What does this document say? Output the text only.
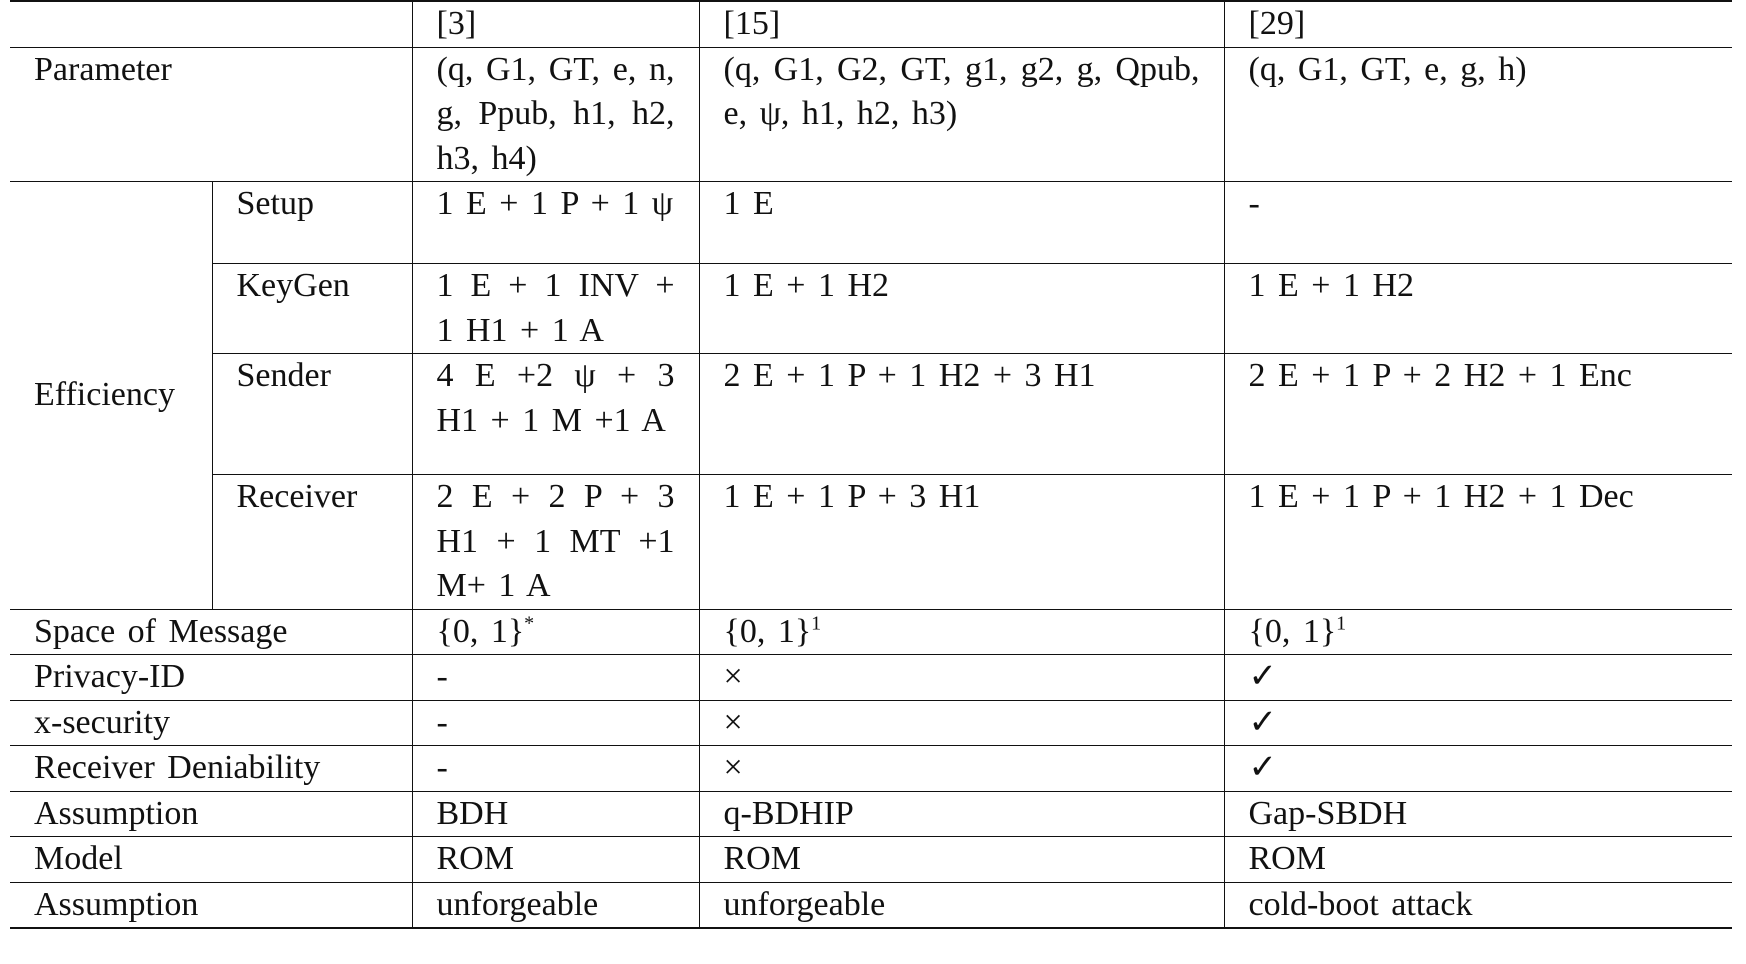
		[3]	[15]	[29]
Parameter		(q, G1, GT, e, n, g, Ppub, h1, h2, h3, h4)	(q, G1, G2, GT, g1, g2, g, Qpub, e, ψ, h1, h2, h3)	(q, G1, GT, e, g, h)
Efficiency	Setup	1 E + 1 P + 1 ψ	1 E	-
	KeyGen	1 E + 1 INV + 1 H1 + 1 A	1 E + 1 H2	1 E + 1 H2
	Sender	4 E +2 ψ + 3 H1 + 1 M +1 A	2 E + 1 P + 1 H2 + 3 H1	2 E + 1 P + 2 H2 + 1 Enc
	Receiver	2 E + 2 P + 3 H1 + 1 MT +1 M+ 1 A	1 E + 1 P + 3 H1	1 E + 1 P + 1 H2 + 1 Dec
Space of Message		{0, 1}*	{0, 1}$^1$	{0, 1}$^1$
Privacy-ID		-	×	✓
x-security		-	×	✓
Receiver Deniability		-	×	✓
Assumption		BDH	q-BDHIP	Gap-SBDH
Model		ROM	ROM	ROM
Assumption		unforgeable	unforgeable	cold-boot attack
